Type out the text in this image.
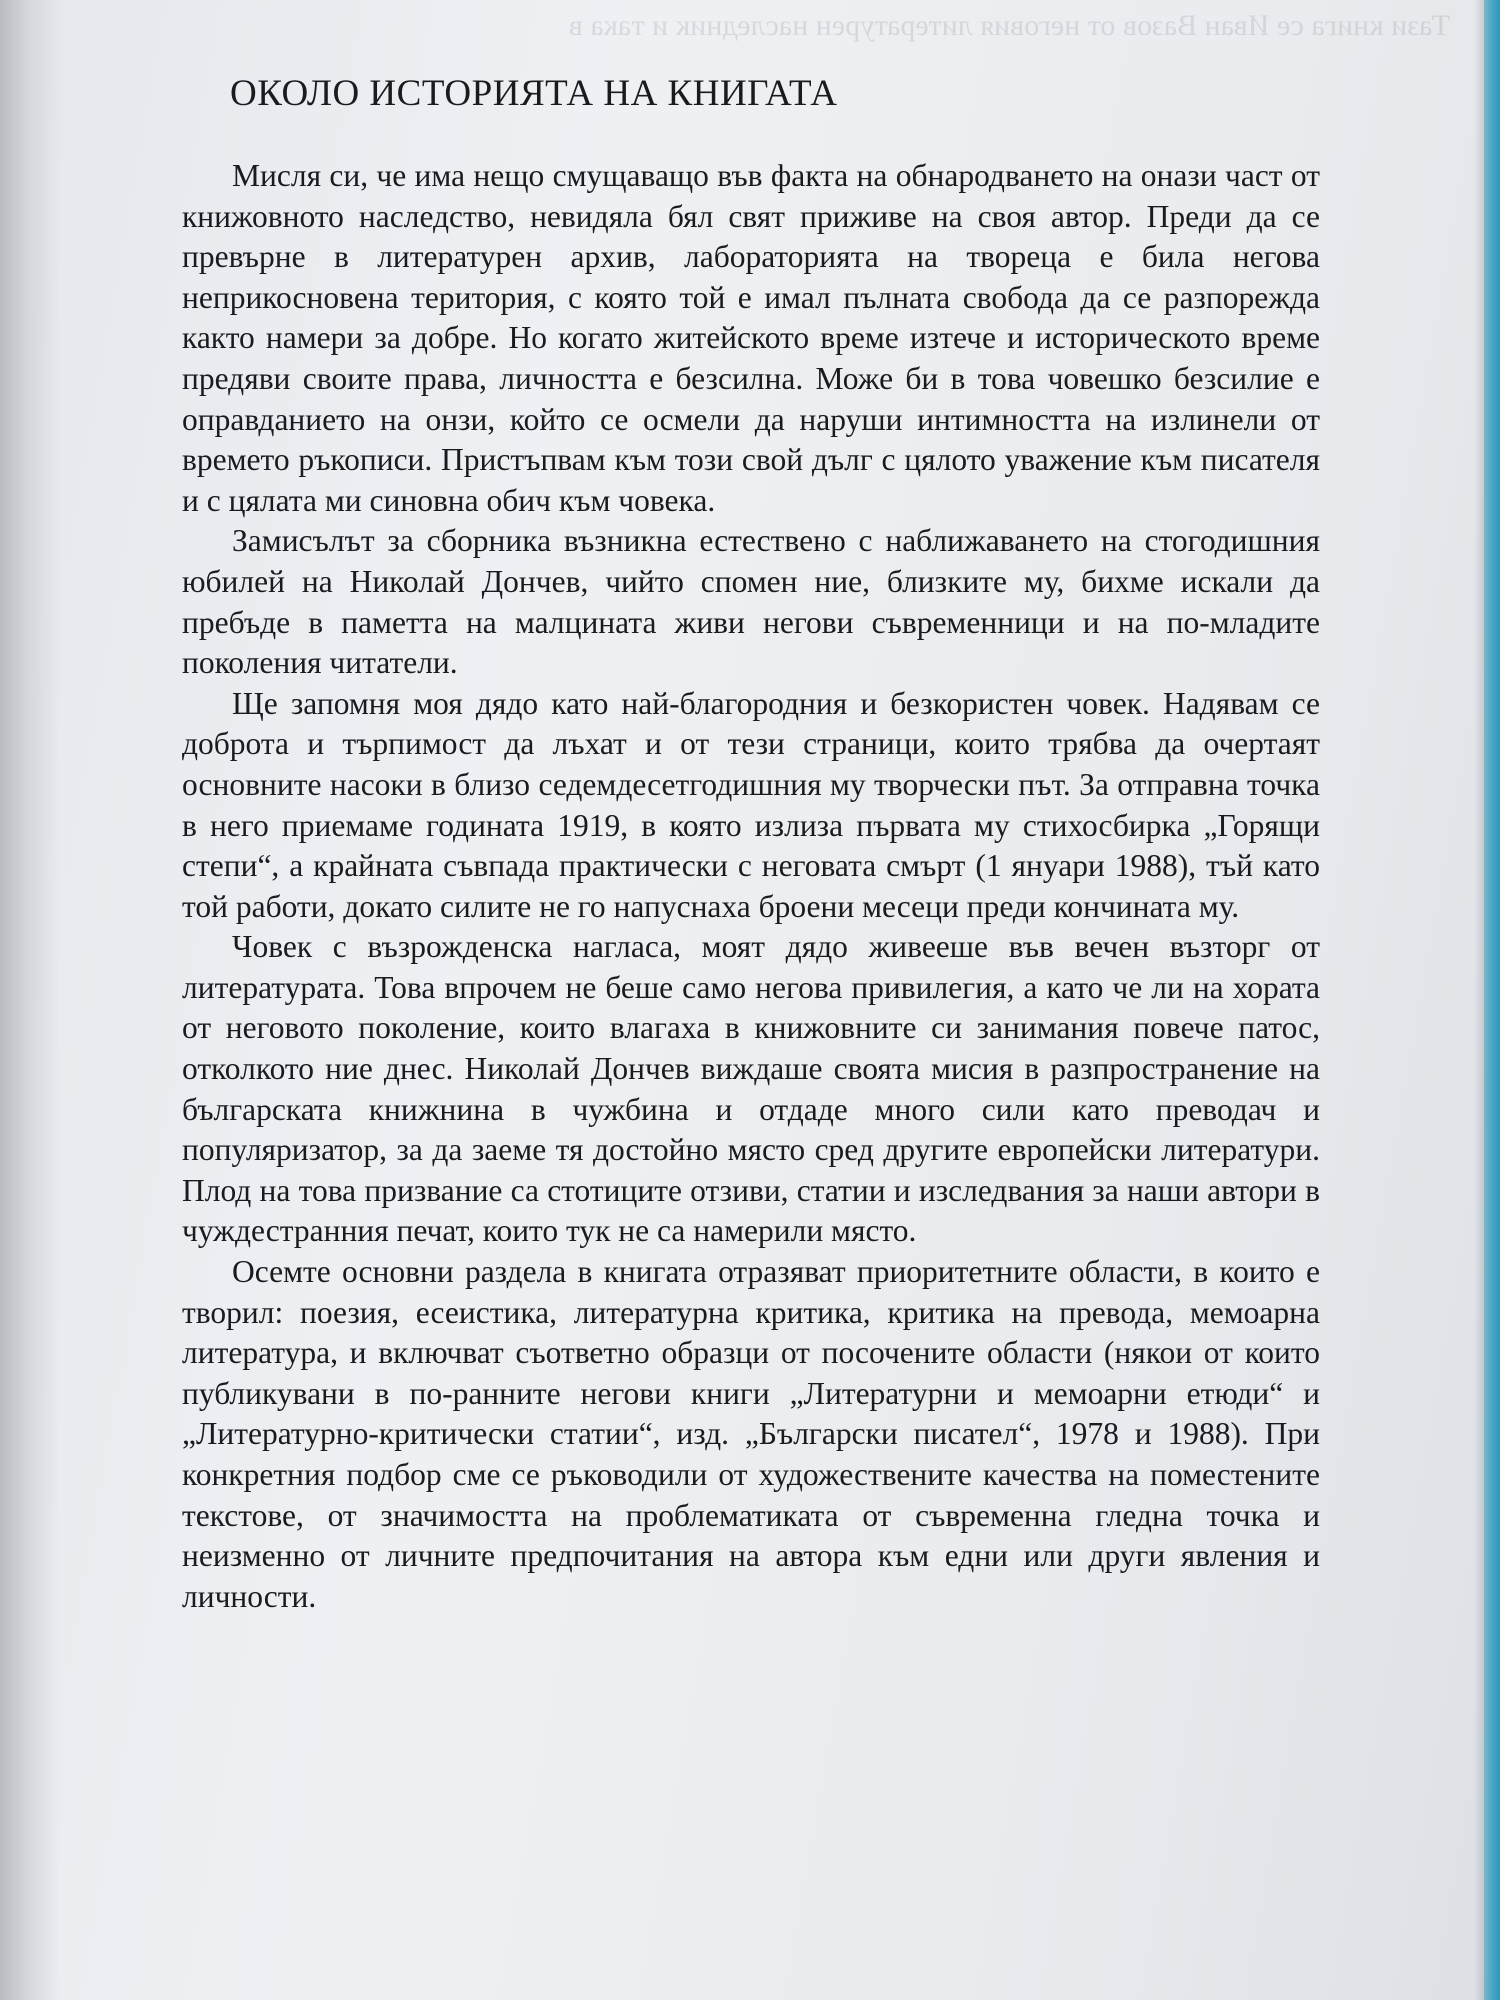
Тази книга се Иван Вазов от неговия литературен наследник и така в
ОКОЛО ИСТОРИЯТА НА КНИГАТА

Мисля си, че има нещо смущаващо във факта на обнародването на онази част от книжовното наследство, невидяла бял свят приживе на своя автор. Преди да се превърне в литературен архив, лабораторията на твореца е била негова неприкосновена територия, с която той е имал пълната свобода да се разпорежда както намери за добре. Но когато житейското време изтече и историческото време предяви своите права, личността е безсилна. Може би в това човешко безсилие е оправданието на онзи, който се осмели да наруши интимността на излинели от времето ръкописи. Пристъпвам към този свой дълг с цялото уважение към писателя и с цялата ми синовна обич към човека.

Замисълът за сборника възникна естествено с наближаването на стогодишния юбилей на Николай Дончев, чийто спомен ние, близките му, бихме искали да пребъде в паметта на малцината живи негови съвременници и на по-младите поколения читатели.

Ще запомня моя дядо като най-благородния и безкористен човек. Надявам се доброта и търпимост да лъхат и от тези страници, които трябва да очертаят основните насоки в близо седемдесетгодишния му творчески път. За отправна точка в него приемаме годината 1919, в която излиза първата му стихосбирка „Горящи степи“, а крайната съвпада практически с неговата смърт (1 януари 1988), тъй като той работи, докато силите не го напуснаха броени месеци преди кончината му.

Човек с възрожденска нагласа, моят дядо живееше във вечен възторг от литературата. Това впрочем не беше само негова привилегия, а като че ли на хората от неговото поколение, които влагаха в книжовните си занимания повече патос, отколкото ние днес. Николай Дончев виждаше своята мисия в разпространение на българската книжнина в чужбина и отдаде много сили като преводач и популяризатор, за да заеме тя достойно място сред другите европейски литератури. Плод на това призвание са стотиците отзиви, статии и изследвания за наши автори в чуждестранния печат, които тук не са намерили място.

Осемте основни раздела в книгата отразяват приоритетните области, в които е творил: поезия, есеистика, литературна критика, критика на превода, мемоарна литература, и включват съответно образци от посочените области (някои от които публикувани в по-ранните негови книги „Литературни и мемоарни етюди“ и „Литературно-критически статии“, изд. „Български писател“, 1978 и 1988). При конкретния подбор сме се ръководили от художествените качества на поместените текстове, от значимостта на проблематиката от съвременна гледна точка и неизменно от личните предпочитания на автора към едни или други явления и личности.
